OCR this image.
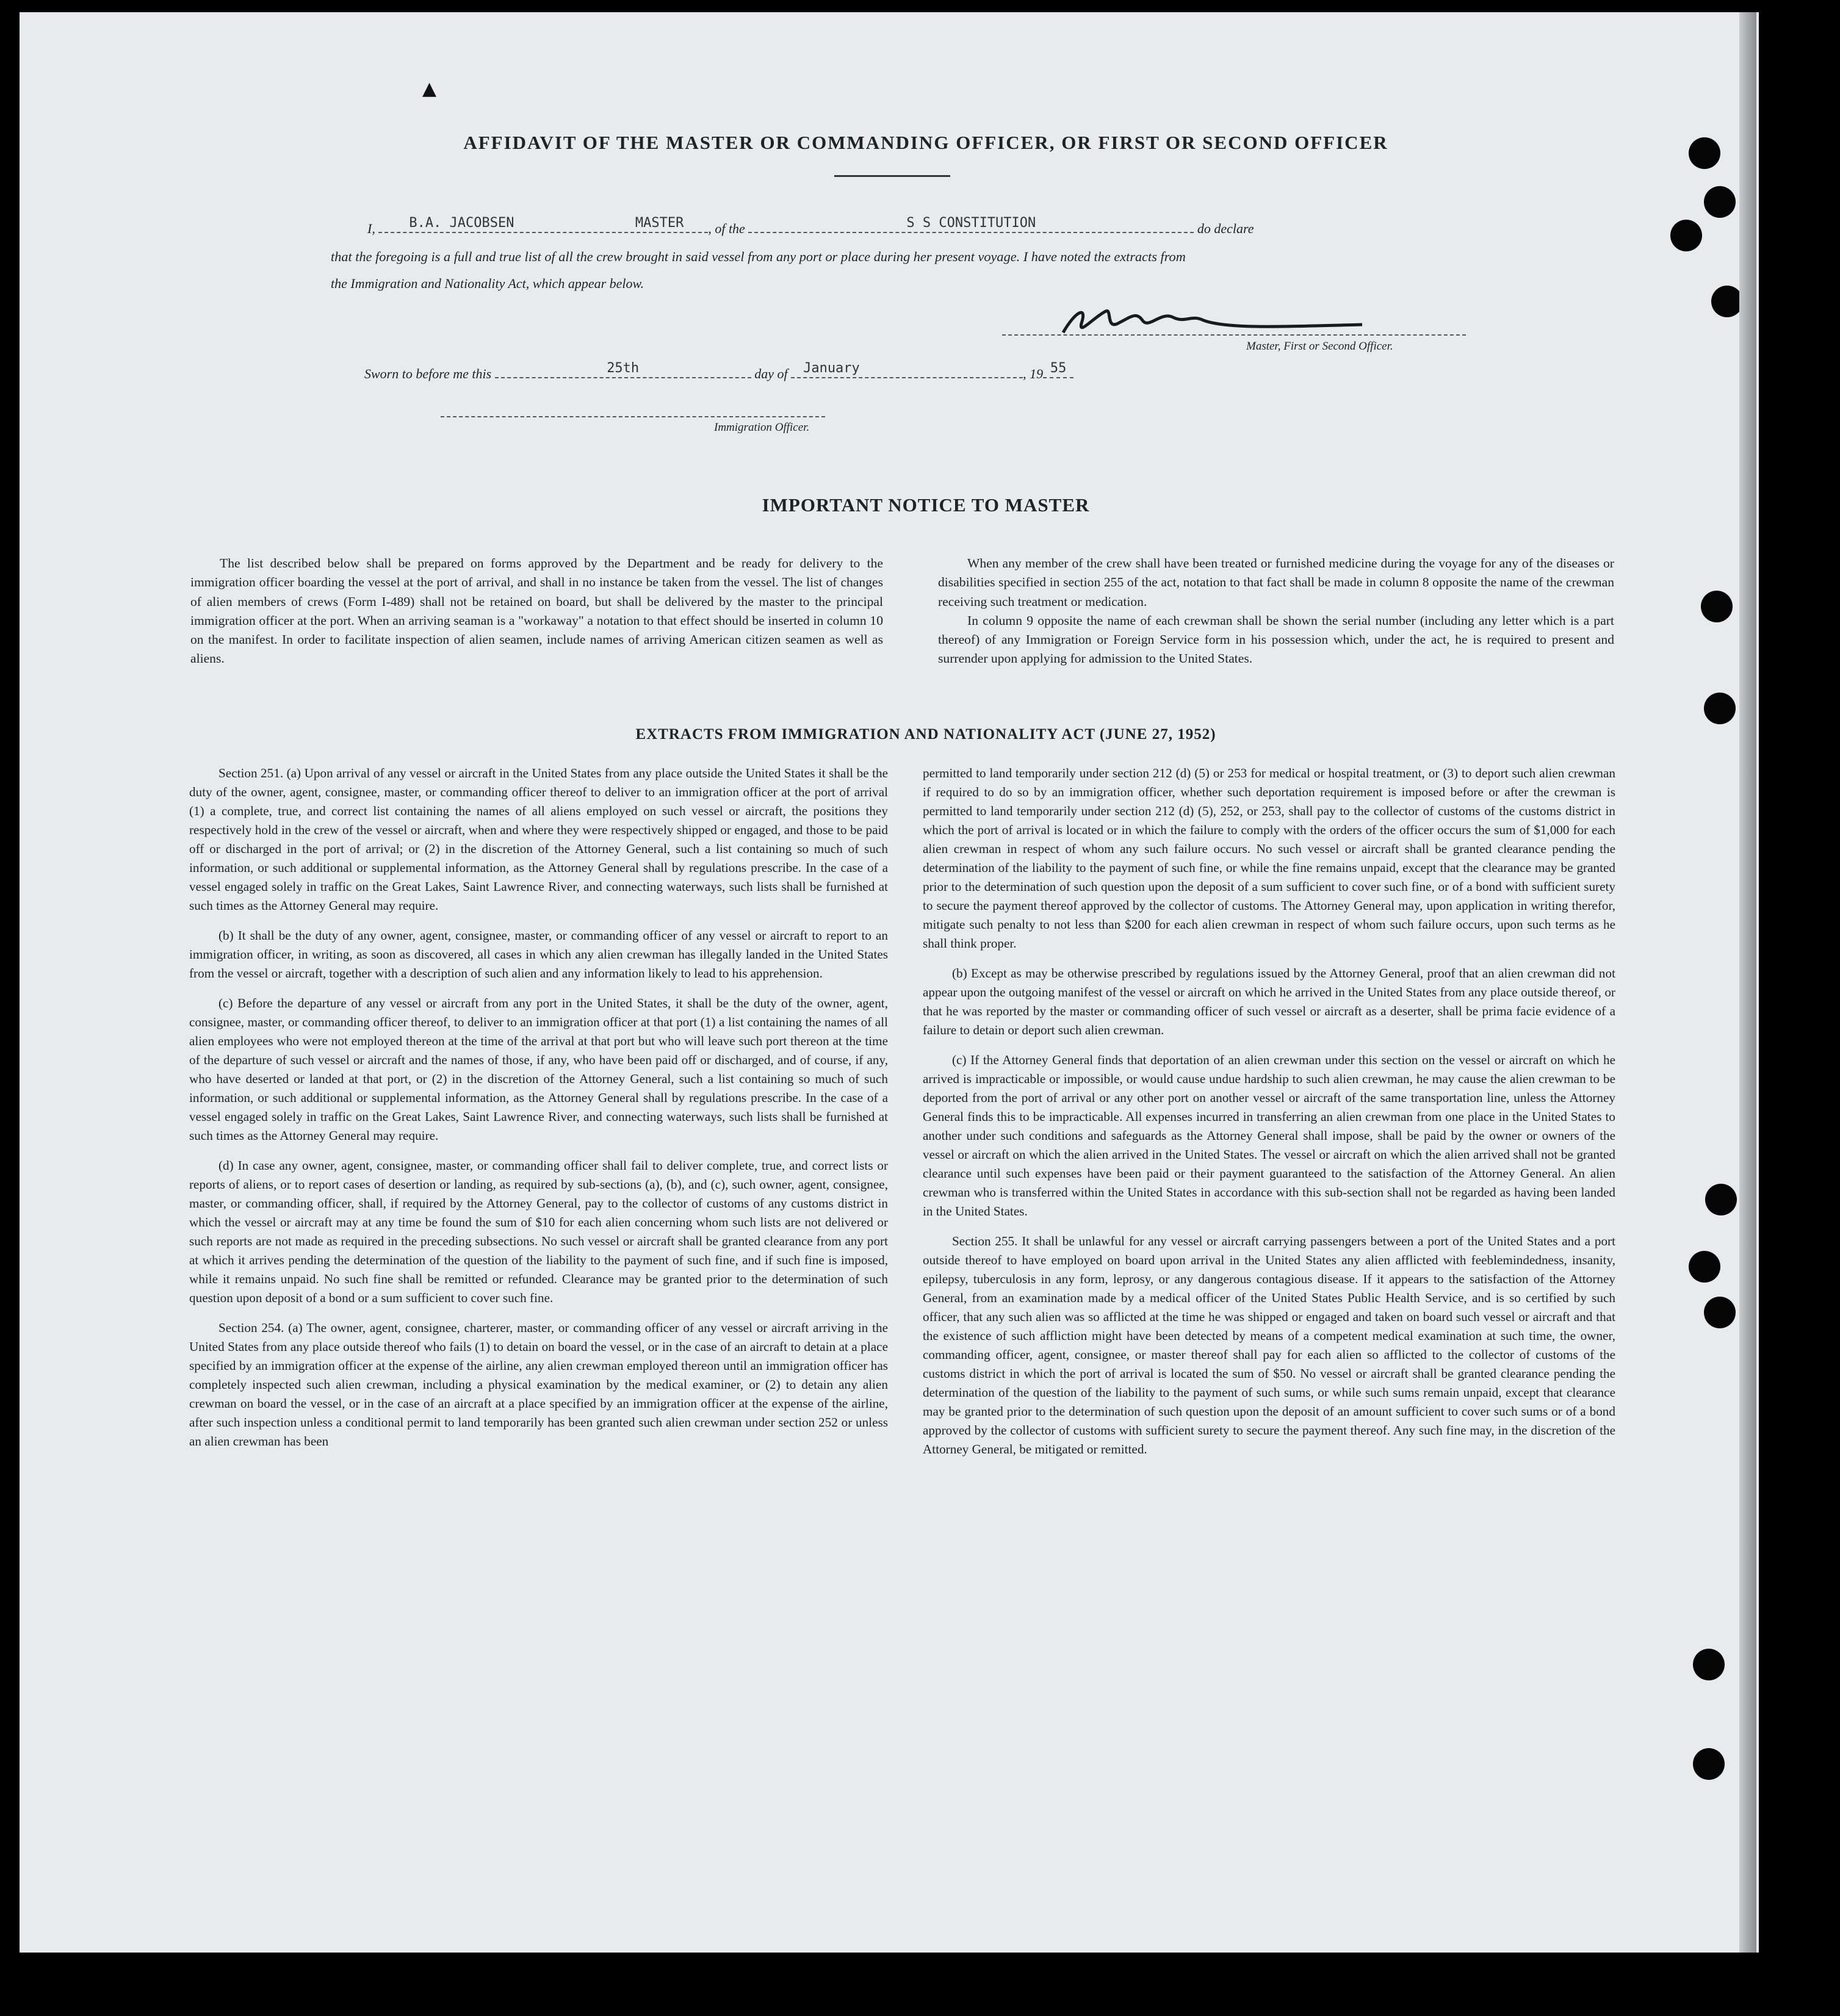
▲
AFFIDAVIT OF THE MASTER OR COMMANDING OFFICER, OR FIRST OR SECOND OFFICER
I,	B.A. JACOBSEN	MASTER	, of the	S S CONSTITUTION	do declare
that the foregoing is a full and true list of all the crew brought in said vessel from any port or place during her present voyage. I have noted the extracts from
the Immigration and Nationality Act, which appear below.
Master, First or Second Officer.
Sworn to before me this	25th	day of	January	, 19 55
Immigration Officer.
IMPORTANT NOTICE TO MASTER

The list described below shall be prepared on forms approved by the Department and be ready for delivery to the immigration officer boarding the vessel at the port of arrival, and shall in no instance be taken from the vessel. The list of changes of alien members of crews (Form I-489) shall not be retained on board, but shall be delivered by the master to the principal immigration officer at the port. When an arriving seaman is a "workaway" a notation to that effect should be inserted in column 10 on the manifest. In order to facilitate inspection of alien seamen, include names of arriving American citizen seamen as well as aliens.

When any member of the crew shall have been treated or furnished medicine during the voyage for any of the diseases or disabilities specified in section 255 of the act, notation to that fact shall be made in column 8 opposite the name of the crewman receiving such treatment or medication.

In column 9 opposite the name of each crewman shall be shown the serial number (including any letter which is a part thereof) of any Immigration or Foreign Service form in his possession which, under the act, he is required to present and surrender upon applying for admission to the United States.

EXTRACTS FROM IMMIGRATION AND NATIONALITY ACT (JUNE 27, 1952)

Section 251. (a) Upon arrival of any vessel or aircraft in the United States from any place outside the United States it shall be the duty of the owner, agent, consignee, master, or commanding officer thereof to deliver to an immigration officer at the port of arrival (1) a complete, true, and correct list containing the names of all aliens employed on such vessel or aircraft, the positions they respectively hold in the crew of the vessel or aircraft, when and where they were respectively shipped or engaged, and those to be paid off or discharged in the port of arrival; or (2) in the discretion of the Attorney General, such a list containing so much of such information, or such additional or supplemental information, as the Attorney General shall by regulations prescribe. In the case of a vessel engaged solely in traffic on the Great Lakes, Saint Lawrence River, and connecting waterways, such lists shall be furnished at such times as the Attorney General may require.

(b) It shall be the duty of any owner, agent, consignee, master, or commanding officer of any vessel or aircraft to report to an immigration officer, in writing, as soon as discovered, all cases in which any alien crewman has illegally landed in the United States from the vessel or aircraft, together with a description of such alien and any information likely to lead to his apprehension.

(c) Before the departure of any vessel or aircraft from any port in the United States, it shall be the duty of the owner, agent, consignee, master, or commanding officer thereof, to deliver to an immigration officer at that port (1) a list containing the names of all alien employees who were not employed thereon at the time of the arrival at that port but who will leave such port thereon at the time of the departure of such vessel or aircraft and the names of those, if any, who have been paid off or discharged, and of course, if any, who have deserted or landed at that port, or (2) in the discretion of the Attorney General, such a list containing so much of such information, or such additional or supplemental information, as the Attorney General shall by regulations prescribe. In the case of a vessel engaged solely in traffic on the Great Lakes, Saint Lawrence River, and connecting waterways, such lists shall be furnished at such times as the Attorney General may require.

(d) In case any owner, agent, consignee, master, or commanding officer shall fail to deliver complete, true, and correct lists or reports of aliens, or to report cases of desertion or landing, as required by sub-sections (a), (b), and (c), such owner, agent, consignee, master, or commanding officer, shall, if required by the Attorney General, pay to the collector of customs of any customs district in which the vessel or aircraft may at any time be found the sum of $10 for each alien concerning whom such lists are not delivered or such reports are not made as required in the preceding subsections. No such vessel or aircraft shall be granted clearance from any port at which it arrives pending the determination of the question of the liability to the payment of such fine, and if such fine is imposed, while it remains unpaid. No such fine shall be remitted or refunded. Clearance may be granted prior to the determination of such question upon deposit of a bond or a sum sufficient to cover such fine.

Section 254. (a) The owner, agent, consignee, charterer, master, or commanding officer of any vessel or aircraft arriving in the United States from any place outside thereof who fails (1) to detain on board the vessel, or in the case of an aircraft to detain at a place specified by an immigration officer at the expense of the airline, any alien crewman employed thereon until an immigration officer has completely inspected such alien crewman, including a physical examination by the medical examiner, or (2) to detain any alien crewman on board the vessel, or in the case of an aircraft at a place specified by an immigration officer at the expense of the airline, after such inspection unless a conditional permit to land temporarily has been granted such alien crewman under section 252 or unless an alien crewman has been

permitted to land temporarily under section 212 (d) (5) or 253 for medical or hospital treatment, or (3) to deport such alien crewman if required to do so by an immigration officer, whether such deportation requirement is imposed before or after the crewman is permitted to land temporarily under section 212 (d) (5), 252, or 253, shall pay to the collector of customs of the customs district in which the port of arrival is located or in which the failure to comply with the orders of the officer occurs the sum of $1,000 for each alien crewman in respect of whom any such failure occurs. No such vessel or aircraft shall be granted clearance pending the determination of the liability to the payment of such fine, or while the fine remains unpaid, except that the clearance may be granted prior to the determination of such question upon the deposit of a sum sufficient to cover such fine, or of a bond with sufficient surety to secure the payment thereof approved by the collector of customs. The Attorney General may, upon application in writing therefor, mitigate such penalty to not less than $200 for each alien crewman in respect of whom such failure occurs, upon such terms as he shall think proper.

(b) Except as may be otherwise prescribed by regulations issued by the Attorney General, proof that an alien crewman did not appear upon the outgoing manifest of the vessel or aircraft on which he arrived in the United States from any place outside thereof, or that he was reported by the master or commanding officer of such vessel or aircraft as a deserter, shall be prima facie evidence of a failure to detain or deport such alien crewman.

(c) If the Attorney General finds that deportation of an alien crewman under this section on the vessel or aircraft on which he arrived is impracticable or impossible, or would cause undue hardship to such alien crewman, he may cause the alien crewman to be deported from the port of arrival or any other port on another vessel or aircraft of the same transportation line, unless the Attorney General finds this to be impracticable. All expenses incurred in transferring an alien crewman from one place in the United States to another under such conditions and safeguards as the Attorney General shall impose, shall be paid by the owner or owners of the vessel or aircraft on which the alien arrived in the United States. The vessel or aircraft on which the alien arrived shall not be granted clearance until such expenses have been paid or their payment guaranteed to the satisfaction of the Attorney General. An alien crewman who is transferred within the United States in accordance with this sub-section shall not be regarded as having been landed in the United States.

Section 255. It shall be unlawful for any vessel or aircraft carrying passengers between a port of the United States and a port outside thereof to have employed on board upon arrival in the United States any alien afflicted with feeblemindedness, insanity, epilepsy, tuberculosis in any form, leprosy, or any dangerous contagious disease. If it appears to the satisfaction of the Attorney General, from an examination made by a medical officer of the United States Public Health Service, and is so certified by such officer, that any such alien was so afflicted at the time he was shipped or engaged and taken on board such vessel or aircraft and that the existence of such affliction might have been detected by means of a competent medical examination at such time, the owner, commanding officer, agent, consignee, or master thereof shall pay for each alien so afflicted to the collector of customs of the customs district in which the port of arrival is located the sum of $50. No vessel or aircraft shall be granted clearance pending the determination of the question of the liability to the payment of such sums, or while such sums remain unpaid, except that clearance may be granted prior to the determination of such question upon the deposit of an amount sufficient to cover such sums or of a bond approved by the collector of customs with sufficient surety to secure the payment thereof. Any such fine may, in the discretion of the Attorney General, be mitigated or remitted.
